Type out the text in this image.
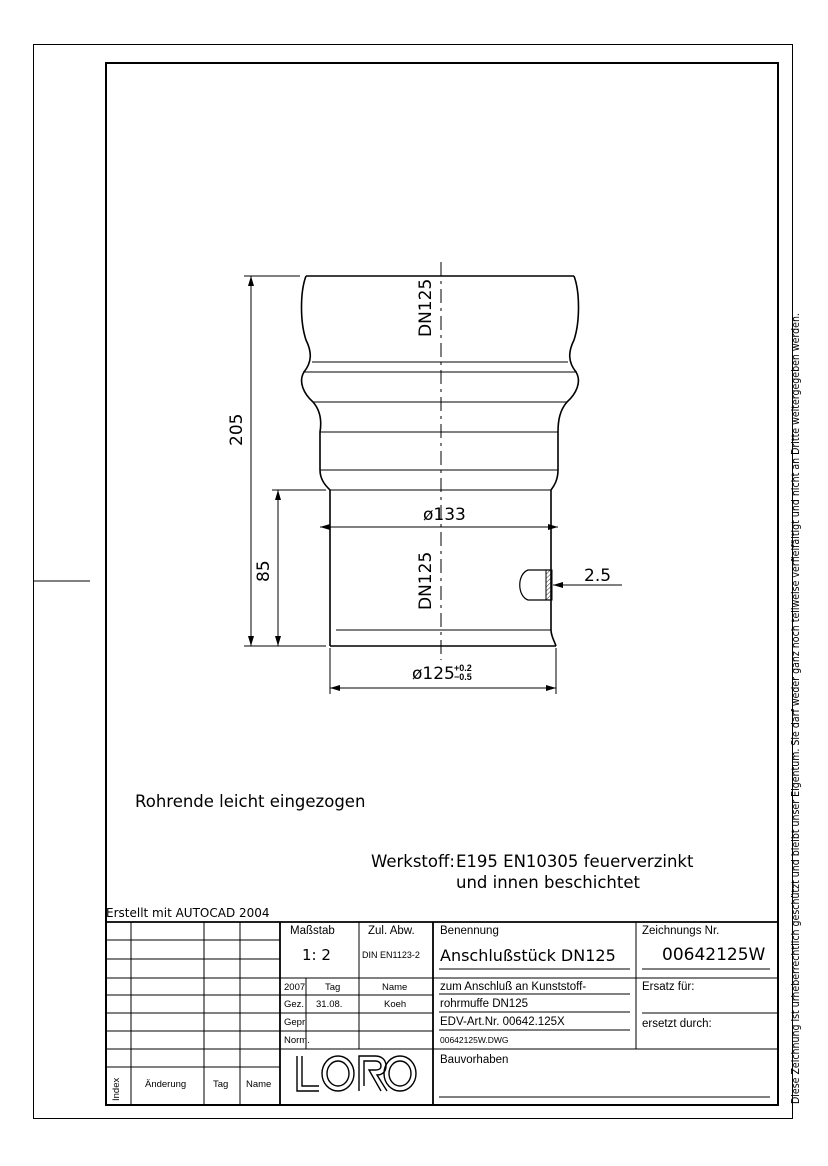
205
85
DN125
DN125
ø133
ø125 +0.2
−0.5
2.5
Rohrende leicht eingezogen
Werkstoff: E195 EN10305 feuerverzinkt
und innen beschichtet
Erstellt mit AUTOCAD 2004
Maßstab
1: 2
Zul. Abw.
DIN EN1123-2
Benennung
Anschlußstück DN125
Zeichnungs Nr.
00642125W
2007 Tag	Name
Gez. 31.08.	Koeh
Gepr.
Norm.
zum Anschluß an Kunststoff-
rohrmuffe DN125
EDV-Art.Nr. 00642.125X
00642125W.DWG
Ersatz für:
ersetzt durch:
Bauvorhaben
Index Änderung	Tag Name	Diese Zeichnung ist urheberrechtlich geschützt und bleibt unser Eigentum. Sie darf weder ganz noch teilweise verfielfältigt und nicht an Dritte weitergegeben werden.
